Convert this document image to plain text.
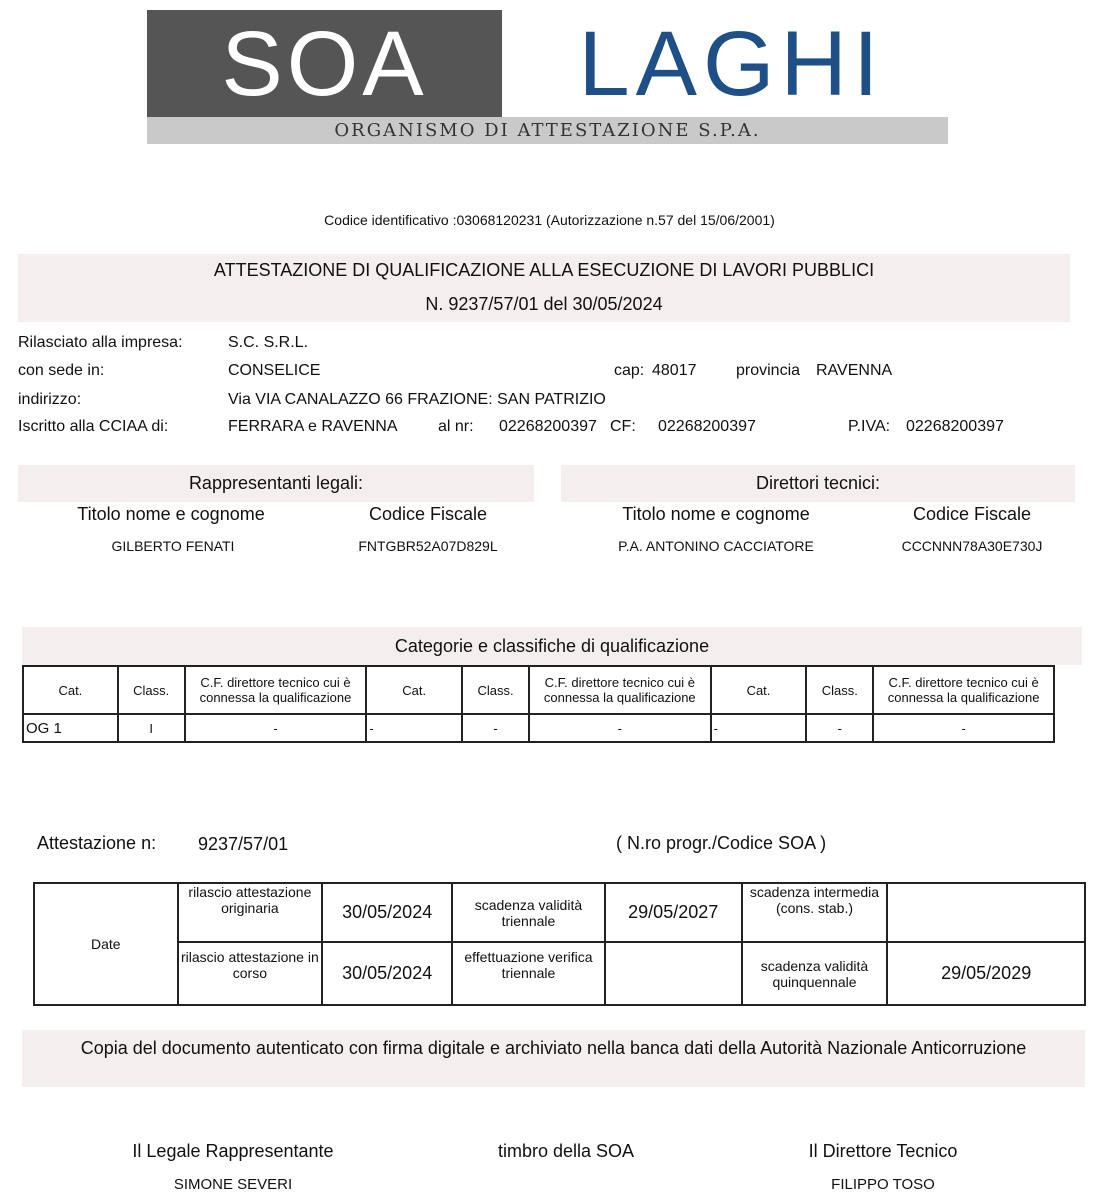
SOA	LAGHI
ORGANISMO DI ATTESTAZIONE S.P.A.
Codice identificativo :03068120231 (Autorizzazione n.57 del 15/06/2001)
ATTESTAZIONE DI QUALIFICAZIONE ALLA ESECUZIONE DI LAVORI PUBBLICI
N. 9237/57/01 del 30/05/2024
Rilasciato alla impresa:	S.C. S.R.L.
con sede in:	CONSELICE	cap: 48017 provincia RAVENNA
indirizzo:	Via VIA CANALAZZO 66 FRAZIONE: SAN PATRIZIO
Iscritto alla CCIAA di:	FERRARA e RAVENNA	al nr: 02268200397 CF: 02268200397	P.IVA: 02268200397
Rappresentanti legali:
Titolo nome e cognome	Codice Fiscale
GILBERTO FENATI	FNTGBR52A07D829L
Direttori tecnici:
Titolo nome e cognome	Codice Fiscale
P.A. ANTONINO CACCIATORE	CCCNNN78A30E730J
Categorie e classifiche di qualificazione
Cat.	Class.	C.F. direttore tecnico cui è connessa la qualificazione	Cat.	Class.	C.F. direttore tecnico cui è connessa la qualificazione	Cat.	Class.	C.F. direttore tecnico cui è connessa la qualificazione
OG 1	I	-	-	-	-	-	-	-
Attestazione n: 9237/57/01	( N.ro progr./Codice SOA )
Date	rilascio attestazione originaria	30/05/2024	scadenza validità triennale	29/05/2027	scadenza intermedia (cons. stab.)	
	rilascio attestazione in corso	30/05/2024	effettuazione verifica triennale		scadenza validità quinquennale	29/05/2029
Copia del documento autenticato con firma digitale e archiviato nella banca dati della Autorità Nazionale Anticorruzione
Il Legale Rappresentante
SIMONE SEVERI
timbro della SOA	Il Direttore Tecnico
FILIPPO TOSO
